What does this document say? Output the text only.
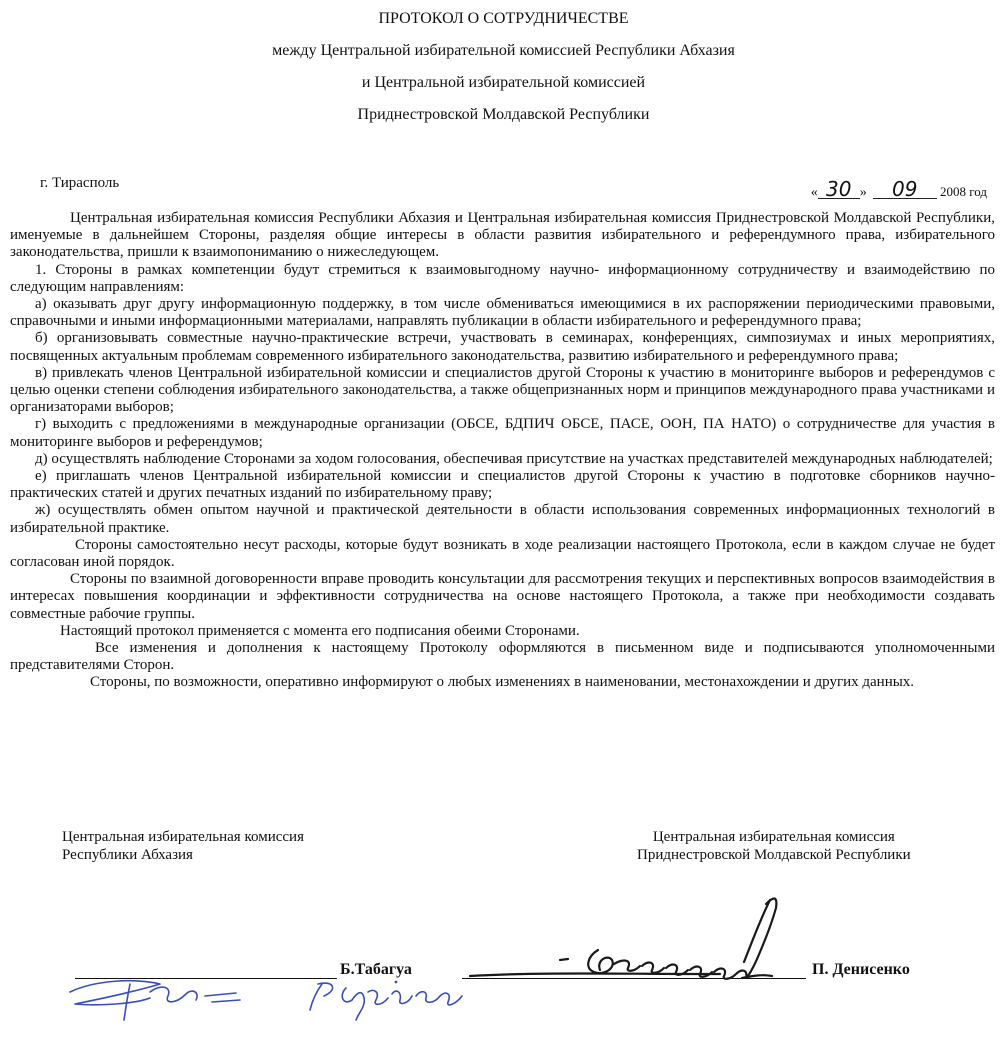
ПРОТОКОЛ О СОТРУДНИЧЕСТВЕ
между Центральной избирательной комиссией Республики Абхазия
и Центральной избирательной комиссией
Приднестровской Молдавской Республики
г. Тирасполь
« 30 » 09 2008 год

Центральная избирательная комиссия Республики Абхазия и Центральная избирательная комиссия Приднестровской Молдавской Республики, именуемые в дальнейшем Стороны, разделяя общие интересы в области развития избирательного и референдумного права, избирательного законодательства, пришли к взаимопониманию о нижеследующем.

1. Стороны в рамках компетенции будут стремиться к взаимовыгодному научно- информационному сотрудничеству и взаимодействию по следующим направлениям:

а) оказывать друг другу информационную поддержку, в том числе обмениваться имеющимися в их распоряжении периодическими правовыми, справочными и иными информационными материалами, направлять публикации в области избирательного и референдумного права;

б) организовывать совместные научно-практические встречи, участвовать в семинарах, конференциях, симпозиумах и иных мероприятиях, посвященных актуальным проблемам современного избирательного законодательства, развитию избирательного и референдумного права;

в) привлекать членов Центральной избирательной комиссии и специалистов другой Стороны к участию в мониторинге выборов и референдумов с целью оценки степени соблюдения избирательного законодательства, а также общепризнанных норм и принципов международного права участниками и организаторами выборов;

г) выходить с предложениями в международные организации (ОБСЕ, БДПИЧ ОБСЕ, ПАСЕ, ООН, ПА НАТО) о сотрудничестве для участия в мониторинге выборов и референдумов;

д) осуществлять наблюдение Сторонами за ходом голосования, обеспечивая присутствие на участках представителей международных наблюдателей;

е) приглашать членов Центральной избирательной комиссии и специалистов другой Стороны к участию в подготовке сборников научно-практических статей и других печатных изданий по избирательному праву;

ж) осуществлять обмен опытом научной и практической деятельности в области использования современных информационных технологий в избирательной практике.

Стороны самостоятельно несут расходы, которые будут возникать в ходе реализации настоящего Протокола, если в каждом случае не будет согласован иной порядок.

Стороны по взаимной договоренности вправе проводить консультации для рассмотрения текущих и перспективных вопросов взаимодействия в интересах повышения координации и эффективности сотрудничества на основе настоящего Протокола, а также при необходимости создавать совместные рабочие группы.

Настоящий протокол применяется с момента его подписания обеими Сторонами.

Все изменения и дополнения к настоящему Протоколу оформляются в письменном виде и подписываются уполномоченными представителями Сторон.

Стороны, по возможности, оперативно информируют о любых изменениях в наименовании, местонахождении и других данных.

Центральная избирательная комиссия
Республики Абхазия
Центральная избирательная комиссия
Приднестровской Молдавской Республики
Б.Табагуа	П. Денисенко
